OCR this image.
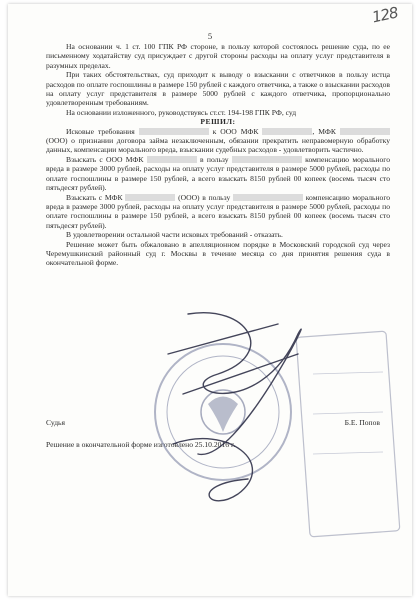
128
5

На основании ч. 1 ст. 100 ГПК РФ стороне, в пользу которой состоялось решение суда, по ее письменному ходатайству суд присуждает с другой стороны расходы на оплату услуг представителя в разумных пределах.

При таких обстоятельствах, суд приходит к выводу о взыскании с ответчиков в пользу истца расходов по оплате госпошлины в размере 150 рублей с каждого ответчика, а также о взыскании расходов на оплату услуг представителя в размере 5000 рублей с каждого ответчика, пропорционально удовлетворенным требованиям.

На основании изложенного, руководствуясь ст.ст. 194-198 ГПК РФ, суд

РЕШИЛ:

Исковые требования	к ООО МФК	, МФК  (ООО) о признании договора займа незаключенным, обязании прекратить неправомерную обработку данных, компенсации морального вреда, взыскании судебных расходов - удовлетворить частично.

Взыскать с ООО МФК	в пользу	компенсацию морального вреда в размере 3000 рублей, расходы на оплату услуг представителя в размере 5000 рублей, расходы по оплате госпошлины в размере 150 рублей, а всего взыскать 8150 рублей 00 копеек (восемь тысяч сто пятьдесят рублей).

Взыскать с МФК	(ООО) в пользу	компенсацию морального вреда в размере 3000 рублей, расходы на оплату услуг представителя в размере 5000 рублей, расходы по оплате госпошлины в размере 150 рублей, а всего взыскать 8150 рублей 00 копеек (восемь тысяч сто пятьдесят рублей).

В удовлетворении остальной части исковых требований - отказать.

Решение может быть обжаловано в апелляционном порядке в Московский городской суд через Черемушкинский районный суд г. Москвы в течение месяца со дня принятия решения суда в окончательной форме.

Судья	Б.Е. Попов
Решение в окончательной форме изготовлено 25.10.2016 г.
